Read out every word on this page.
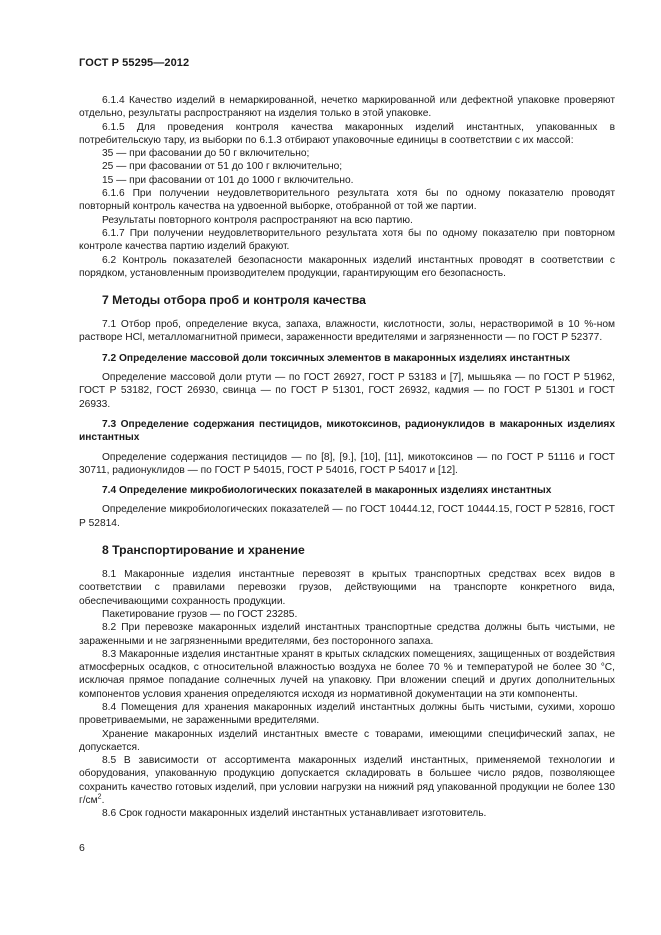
ГОСТ Р 55295—2012

6.1.4 Качество изделий в немаркированной, нечетко маркированной или дефектной упаковке проверяют отдельно, результаты распространяют на изделия только в этой упаковке.

6.1.5 Для проведения контроля качества макаронных изделий инстантных, упакованных в потребительскую тару, из выборки по 6.1.3 отбирают упаковочные единицы в соответствии с их массой:

35 — при фасовании до 50 г включительно;

25 — при фасовании от 51 до 100 г включительно;

15 — при фасовании от 101 до 1000 г включительно.

6.1.6 При получении неудовлетворительного результата хотя бы по одному показателю проводят повторный контроль качества на удвоенной выборке, отобранной от той же партии.

Результаты повторного контроля распространяют на всю партию.

6.1.7 При получении неудовлетворительного результата хотя бы по одному показателю при повторном контроле качества партию изделий бракуют.

6.2 Контроль показателей безопасности макаронных изделий инстантных проводят в соответствии с порядком, установленным производителем продукции, гарантирующим его безопасность.

7 Методы отбора проб и контроля качества

7.1 Отбор проб, определение вкуса, запаха, влажности, кислотности, золы, нерастворимой в 10 %-ном растворе HCl, металломагнитной примеси, зараженности вредителями и загрязненности — по ГОСТ Р 52377.

7.2 Определение массовой доли токсичных элементов в макаронных изделиях инстантных

Определение массовой доли ртути — по ГОСТ 26927, ГОСТ Р 53183 и [7], мышьяка — по ГОСТ Р 51962, ГОСТ Р 53182, ГОСТ 26930, свинца — по ГОСТ Р 51301, ГОСТ 26932, кадмия — по ГОСТ Р 51301 и ГОСТ 26933.

7.3 Определение содержания пестицидов, микотоксинов, радионуклидов в макаронных изделиях инстантных

Определение содержания пестицидов — по [8], [9.], [10], [11], микотоксинов — по ГОСТ Р 51116 и ГОСТ 30711, радионуклидов — по ГОСТ Р 54015, ГОСТ Р 54016, ГОСТ Р 54017 и [12].

7.4 Определение микробиологических показателей в макаронных изделиях инстантных

Определение микробиологических показателей — по ГОСТ 10444.12, ГОСТ 10444.15, ГОСТ Р 52816, ГОСТ Р 52814.

8 Транспортирование и хранение

8.1 Макаронные изделия инстантные перевозят в крытых транспортных средствах всех видов в соответствии с правилами перевозки грузов, действующими на транспорте конкретного вида, обеспечивающими сохранность продукции.

Пакетирование грузов — по ГОСТ 23285.

8.2 При перевозке макаронных изделий инстантных транспортные средства должны быть чистыми, не зараженными и не загрязненными вредителями, без посторонного запаха.

8.3 Макаронные изделия инстантные хранят в крытых складских помещениях, защищенных от воздействия атмосферных осадков, с относительной влажностью воздуха не более 70 % и температурой не более 30 °С, исключая прямое попадание солнечных лучей на упаковку. При вложении специй и других дополнительных компонентов условия хранения определяются исходя из нормативной документации на эти компоненты.

8.4 Помещения для хранения макаронных изделий инстантных должны быть чистыми, сухими, хорошо проветриваемыми, не зараженными вредителями.

Хранение макаронных изделий инстантных вместе с товарами, имеющими специфический запах, не допускается.

8.5 В зависимости от ассортимента макаронных изделий инстантных, применяемой технологии и оборудования, упакованную продукцию допускается складировать в большее число рядов, позволяющее сохранить качество готовых изделий, при условии нагрузки на нижний ряд упакованной продукции не более 130 $г/см^2$.

8.6 Срок годности макаронных изделий инстантных устанавливает изготовитель.

6
